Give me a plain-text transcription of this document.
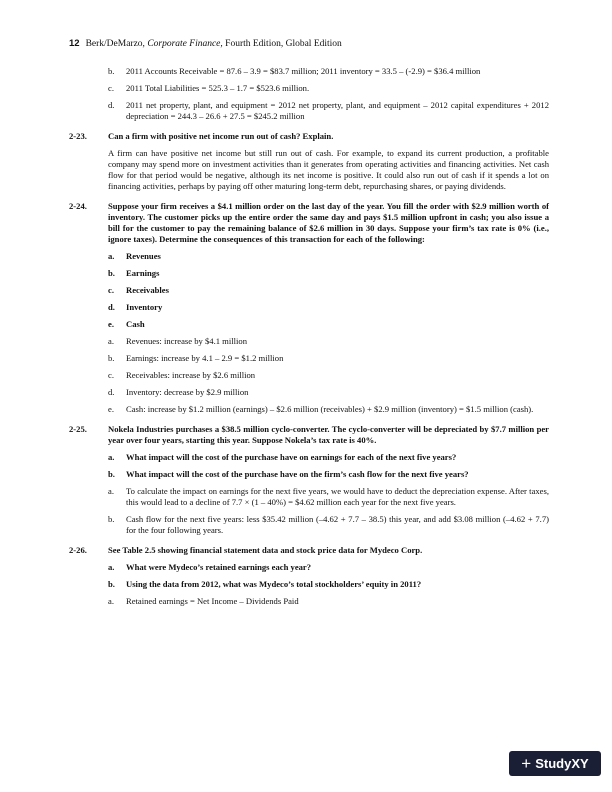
12 Berk/DeMarzo, Corporate Finance, Fourth Edition, Global Edition
b. 2011 Accounts Receivable = 87.6 – 3.9 = $83.7 million; 2011 inventory = 33.5 – (-2.9) = $36.4 million
c. 2011 Total Liabilities = 525.3 – 1.7 = $523.6 million.
d. 2011 net property, plant, and equipment = 2012 net property, plant, and equipment – 2012 capital expenditures + 2012 depreciation = 244.3 – 26.6 + 27.5 = $245.2 million
2-23. Can a firm with positive net income run out of cash? Explain.
A firm can have positive net income but still run out of cash. For example, to expand its current production, a profitable company may spend more on investment activities than it generates from operating activities and financing activities. Net cash flow for that period would be negative, although its net income is positive. It could also run out of cash if it spends a lot on financing activities, perhaps by paying off other maturing long-term debt, repurchasing shares, or paying dividends.
2-24. Suppose your firm receives a $4.1 million order on the last day of the year. You fill the order with $2.9 million worth of inventory. The customer picks up the entire order the same day and pays $1.5 million upfront in cash; you also issue a bill for the customer to pay the remaining balance of $2.6 million in 30 days. Suppose your firm’s tax rate is 0% (i.e., ignore taxes). Determine the consequences of this transaction for each of the following:
a. Revenues
b. Earnings
c. Receivables
d. Inventory
e. Cash
a. Revenues: increase by $4.1 million
b. Earnings: increase by 4.1 – 2.9 = $1.2 million
c. Receivables: increase by $2.6 million
d. Inventory: decrease by $2.9 million
e. Cash: increase by $1.2 million (earnings) – $2.6 million (receivables) + $2.9 million (inventory) = $1.5 million (cash).
2-25. Nokela Industries purchases a $38.5 million cyclo-converter. The cyclo-converter will be depreciated by $7.7 million per year over four years, starting this year. Suppose Nokela’s tax rate is 40%.
a. What impact will the cost of the purchase have on earnings for each of the next five years?
b. What impact will the cost of the purchase have on the firm’s cash flow for the next five years?
a. To calculate the impact on earnings for the next five years, we would have to deduct the depreciation expense. After taxes, this would lead to a decline of 7.7 × (1 – 40%) = $4.62 million each year for the next five years.
b. Cash flow for the next five years: less $35.42 million (–4.62 + 7.7 – 38.5) this year, and add $3.08 million (–4.62 + 7.7) for the four following years.
2-26. See Table 2.5 showing financial statement data and stock price data for Mydeco Corp.
a. What were Mydeco’s retained earnings each year?
b. Using the data from 2012, what was Mydeco’s total stockholders’ equity in 2011?
a. Retained earnings = Net Income – Dividends Paid
+ StudyXY
